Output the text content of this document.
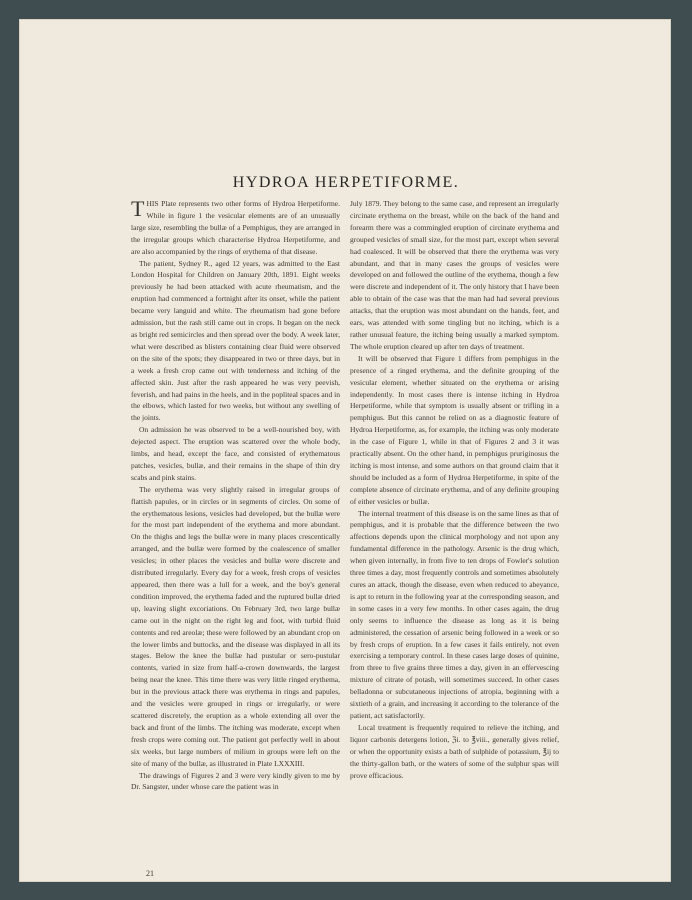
HYDROA HERPETIFORME.

THIS Plate represents two other forms of Hydroa Herpetiforme. While in figure 1 the vesicular elements are of an unusually large size, resembling the bullæ of a Pemphigus, they are arranged in the irregular groups which characterise Hydroa Herpetiforme, and are also accompanied by the rings of erythema of that disease.

The patient, Sydney R., aged 12 years, was admitted to the East London Hospital for Children on January 20th, 1891. Eight weeks previously he had been attacked with acute rheumatism, and the eruption had commenced a fortnight after its onset, while the patient became very languid and white. The rheumatism had gone before admission, but the rash still came out in crops. It began on the neck as bright red semicircles and then spread over the body. A week later, what were described as blisters containing clear fluid were observed on the site of the spots; they disappeared in two or three days, but in a week a fresh crop came out with tenderness and itching of the affected skin. Just after the rash appeared he was very peevish, feverish, and had pains in the heels, and in the popliteal spaces and in the elbows, which lasted for two weeks, but without any swelling of the joints.

On admission he was observed to be a well-nourished boy, with dejected aspect. The eruption was scattered over the whole body, limbs, and head, except the face, and consisted of erythematous patches, vesicles, bullæ, and their remains in the shape of thin dry scabs and pink stains.

The erythema was very slightly raised in irregular groups of flattish papules, or in circles or in segments of circles. On some of the erythematous lesions, vesicles had developed, but the bullæ were for the most part independent of the erythema and more abundant. On the thighs and legs the bullæ were in many places crescentically arranged, and the bullæ were formed by the coalescence of smaller vesicles; in other places the vesicles and bullæ were discrete and distributed irregularly. Every day for a week, fresh crops of vesicles appeared, then there was a lull for a week, and the boy's general condition improved, the erythema faded and the ruptured bullæ dried up, leaving slight excoriations. On February 3rd, two large bullæ came out in the night on the right leg and foot, with turbid fluid contents and red areolæ; these were followed by an abundant crop on the lower limbs and buttocks, and the disease was displayed in all its stages. Below the knee the bullæ had pustular or sero-pustular contents, varied in size from half-a-crown downwards, the largest being near the knee. This time there was very little ringed erythema, but in the previous attack there was erythema in rings and papules, and the vesicles were grouped in rings or irregularly, or were scattered discretely, the eruption as a whole extending all over the back and front of the limbs. The itching was moderate, except when fresh crops were coming out. The patient got perfectly well in about six weeks, but large numbers of milium in groups were left on the site of many of the bullæ, as illustrated in Plate LXXXIII.

The drawings of Figures 2 and 3 were very kindly given to me by Dr. Sangster, under whose care the patient was in

July 1879. They belong to the same case, and represent an irregularly circinate erythema on the breast, while on the back of the hand and forearm there was a commingled eruption of circinate erythema and grouped vesicles of small size, for the most part, except when several had coalesced. It will be observed that there the erythema was very abundant, and that in many cases the groups of vesicles were developed on and followed the outline of the erythema, though a few were discrete and independent of it. The only history that I have been able to obtain of the case was that the man had had several previous attacks, that the eruption was most abundant on the hands, feet, and ears, was attended with some tingling but no itching, which is a rather unusual feature, the itching being usually a marked symptom. The whole eruption cleared up after ten days of treatment.

It will be observed that Figure 1 differs from pemphigus in the presence of a ringed erythema, and the definite grouping of the vesicular element, whether situated on the erythema or arising independently. In most cases there is intense itching in Hydroa Herpetiforme, while that symptom is usually absent or trifling in a pemphigus. But this cannot be relied on as a diagnostic feature of Hydroa Herpetiforme, as, for example, the itching was only moderate in the case of Figure 1, while in that of Figures 2 and 3 it was practically absent. On the other hand, in pemphigus pruriginosus the itching is most intense, and some authors on that ground claim that it should be included as a form of Hydroa Herpetiforme, in spite of the complete absence of circinate erythema, and of any definite grouping of either vesicles or bullæ.

The internal treatment of this disease is on the same lines as that of pemphigus, and it is probable that the difference between the two affections depends upon the clinical morphology and not upon any fundamental difference in the pathology. Arsenic is the drug which, when given internally, in from five to ten drops of Fowler's solution three times a day, most frequently controls and sometimes absolutely cures an attack, though the disease, even when reduced to abeyance, is apt to return in the following year at the corresponding season, and in some cases in a very few months. In other cases again, the drug only seems to influence the disease as long as it is being administered, the cessation of arsenic being followed in a week or so by fresh crops of eruption. In a few cases it fails entirely, not even exercising a temporary control. In these cases large doses of quinine, from three to five grains three times a day, given in an effervescing mixture of citrate of potash, will sometimes succeed. In other cases belladonna or subcutaneous injections of atropia, beginning with a sixtieth of a grain, and increasing it according to the tolerance of the patient, act satisfactorily.

Local treatment is frequently required to relieve the itching, and liquor carbonis detergens lotion, ℨi. to ℥viii., generally gives relief, or when the opportunity exists a bath of sulphide of potassium, ℥ij to the thirty-gallon bath, or the waters of some of the sulphur spas will prove efficacious.

21
